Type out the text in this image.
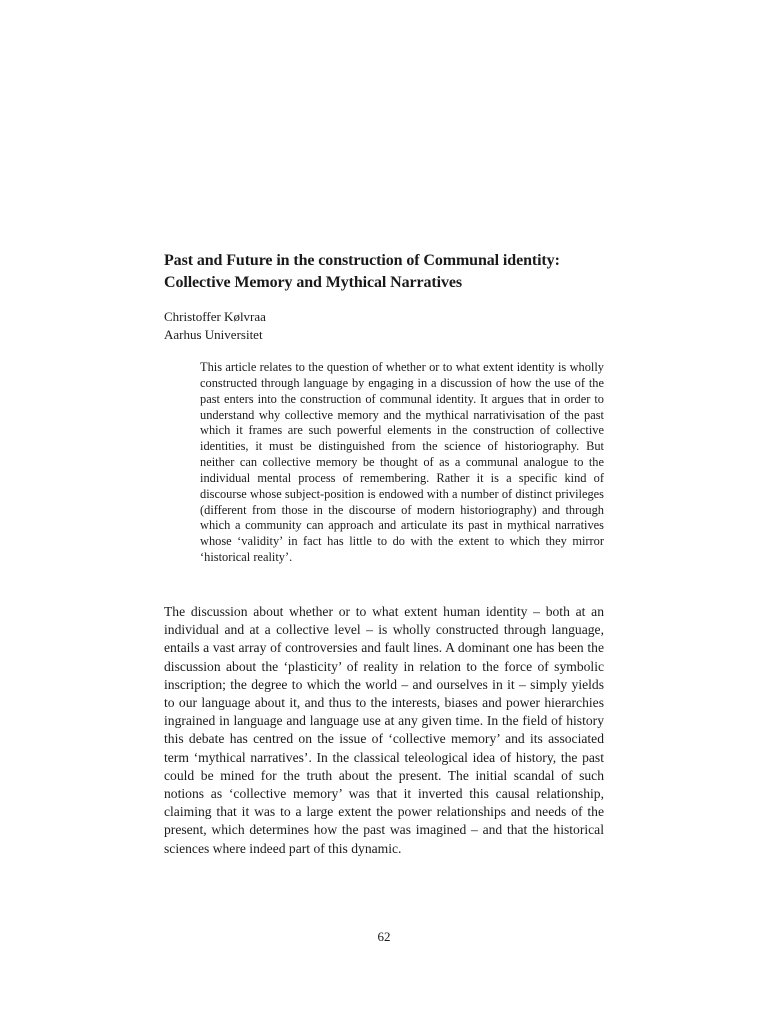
Past and Future in the construction of Communal identity:
Collective Memory and Mythical Narratives
Christoffer Kølvraa
Aarhus Universitet

This article relates to the question of whether or to what extent identity is wholly constructed through language by engaging in a discussion of how the use of the past enters into the construction of communal identity. It argues that in order to understand why collective memory and the mythical narrativisation of the past which it frames are such powerful elements in the construction of collective identities, it must be distinguished from the science of historiography. But neither can collective memory be thought of as a communal analogue to the individual mental process of remembering. Rather it is a specific kind of discourse whose subject-position is endowed with a number of distinct privileges (different from those in the discourse of modern historiography) and through which a community can approach and articulate its past in mythical narratives whose ‘validity’ in fact has little to do with the extent to which they mirror ‘historical reality’.

The discussion about whether or to what extent human identity – both at an individual and at a collective level – is wholly constructed through language, entails a vast array of controversies and fault lines. A dominant one has been the discussion about the ‘plasticity’ of reality in relation to the force of symbolic inscription; the degree to which the world – and ourselves in it – simply yields to our language about it, and thus to the interests, biases and power hierarchies ingrained in language and language use at any given time. In the field of history this debate has centred on the issue of ‘collective memory’ and its associated term ‘mythical narratives’. In the classical teleological idea of history, the past could be mined for the truth about the present. The initial scandal of such notions as ‘collective memory’ was that it inverted this causal relationship, claiming that it was to a large extent the power relationships and needs of the present, which determines how the past was imagined – and that the historical sciences where indeed part of this dynamic.

62
